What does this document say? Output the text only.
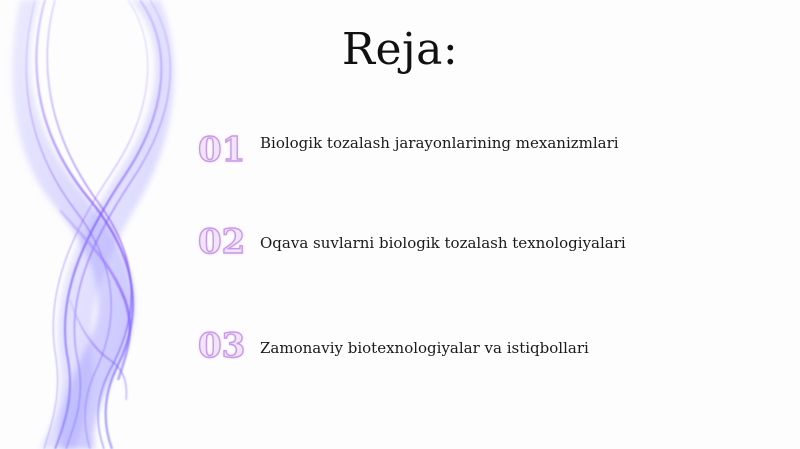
Reja:
01 Biologik tozalash jarayonlarining mexanizmlari
02 Oqava suvlarni biologik tozalash texnologiyalari
03 Zamonaviy biotexnologiyalar va istiqbollari
